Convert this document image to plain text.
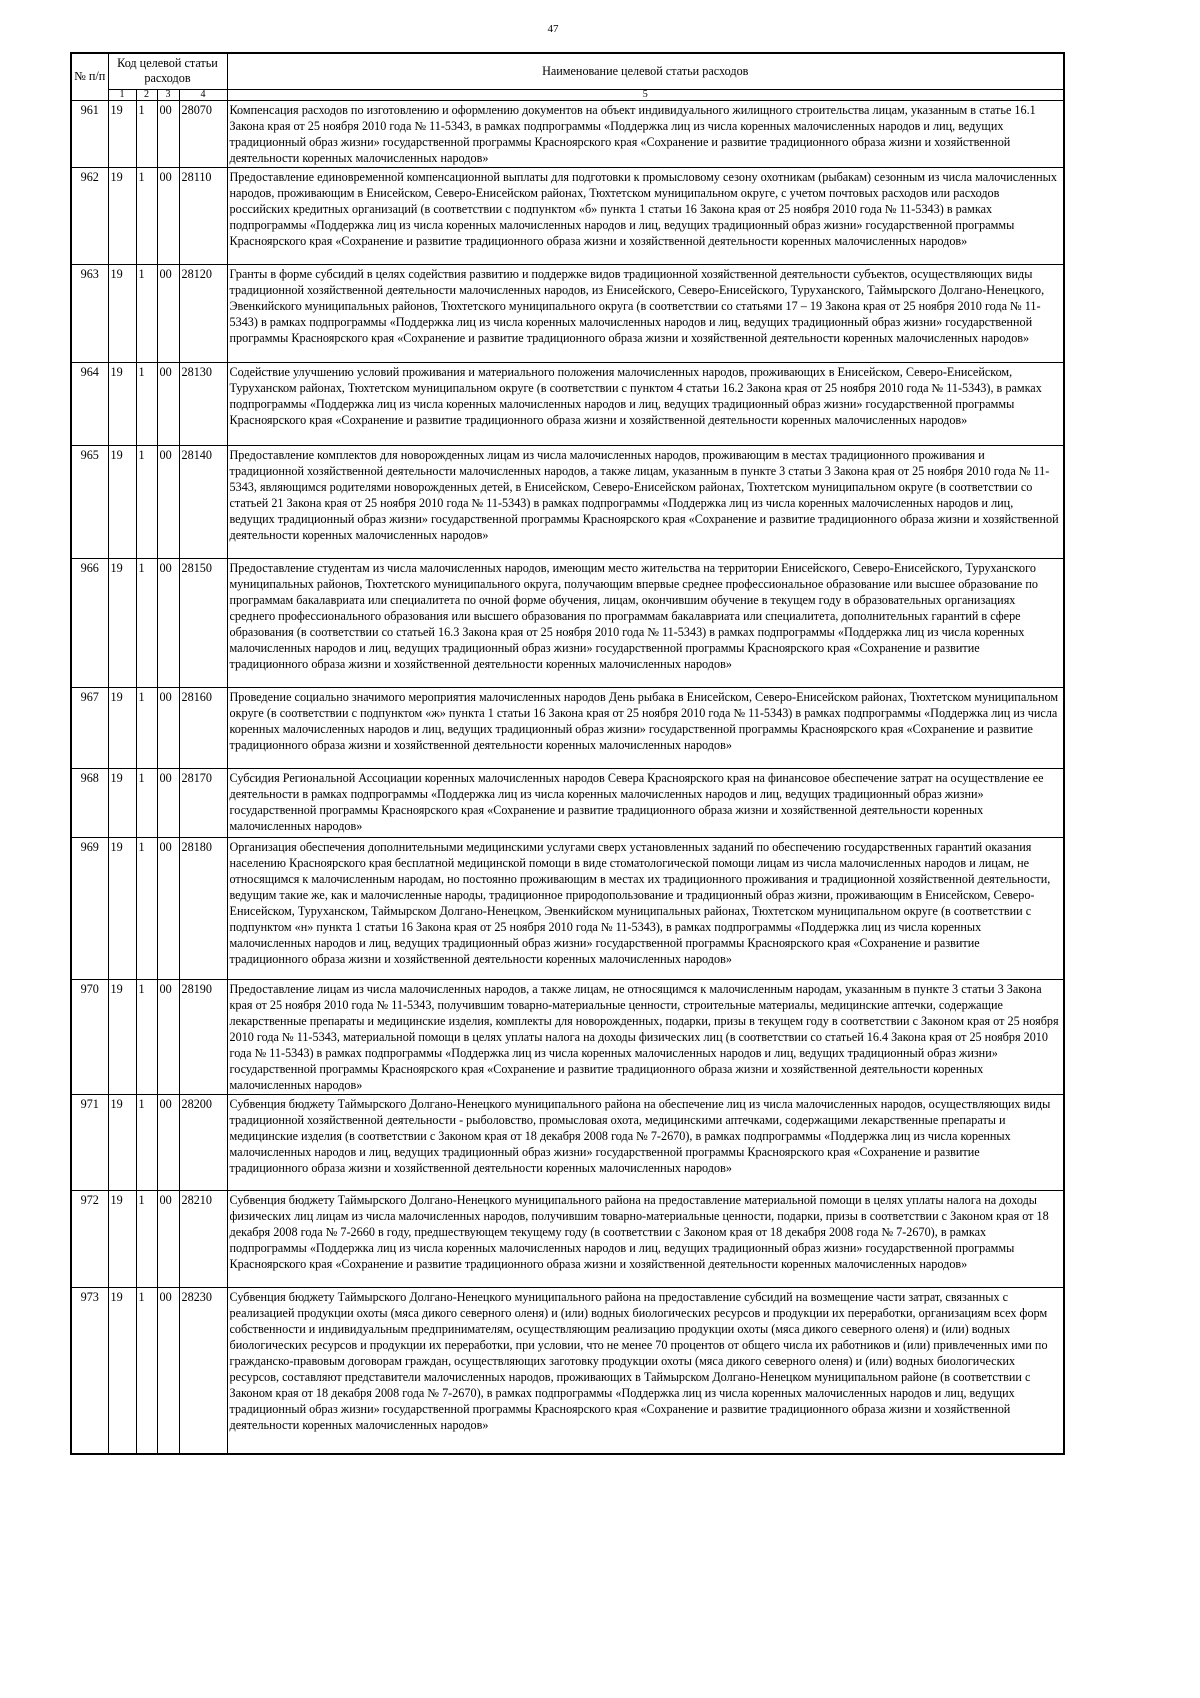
47
№ п/п	Код целевой статьи расходов				Наименование целевой статьи расходов
	1	2	3	4	5
961	19	1	00	28070	Компенсация расходов по изготовлению и оформлению документов на объект индивидуального жилищного строительства лицам, указанным в статье 16.1 Закона края от 25 ноября 2010 года № 11-5343, в рамках подпрограммы «Поддержка лиц из числа коренных малочисленных народов и лиц, ведущих традиционный образ жизни» государственной программы Красноярского края «Сохранение и развитие традиционного образа жизни и хозяйственной деятельности коренных малочисленных народов»
962	19	1	00	28110	Предоставление единовременной компенсационной выплаты для подготовки к промысловому сезону охотникам (рыбакам) сезонным из числа малочисленных народов, проживающим в Енисейском, Северо-Енисейском районах, Тюхтетском муниципальном округе, с учетом почтовых расходов или расходов российских кредитных организаций (в соответствии с подпунктом «б» пункта 1 статьи 16 Закона края от 25 ноября 2010 года № 11-5343) в рамках подпрограммы «Поддержка лиц из числа коренных малочисленных народов и лиц, ведущих традиционный образ жизни» государственной программы Красноярского края «Сохранение и развитие традиционного образа жизни и хозяйственной деятельности коренных малочисленных народов»
963	19	1	00	28120	Гранты в форме субсидий в целях содействия развитию и поддержке видов традиционной хозяйственной деятельности субъектов, осуществляющих виды традиционной хозяйственной деятельности малочисленных народов, из Енисейского, Северо-Енисейского, Туруханского, Таймырского Долгано-Ненецкого, Эвенкийского муниципальных районов, Тюхтетского муниципального округа (в соответствии со статьями 17 – 19 Закона края от 25 ноября 2010 года № 11-5343) в рамках подпрограммы «Поддержка лиц из числа коренных малочисленных народов и лиц, ведущих традиционный образ жизни» государственной программы Красноярского края «Сохранение и развитие традиционного образа жизни и хозяйственной деятельности коренных малочисленных народов»
964	19	1	00	28130	Содействие улучшению условий проживания и материального положения малочисленных народов, проживающих в Енисейском, Северо-Енисейском, Туруханском районах, Тюхтетском муниципальном округе (в соответствии с пунктом 4 статьи 16.2 Закона края от 25 ноября 2010 года № 11-5343), в рамках подпрограммы «Поддержка лиц из числа коренных малочисленных народов и лиц, ведущих традиционный образ жизни» государственной программы Красноярского края «Сохранение и развитие традиционного образа жизни и хозяйственной деятельности коренных малочисленных народов»
965	19	1	00	28140	Предоставление комплектов для новорожденных лицам из числа малочисленных народов, проживающим в местах традиционного проживания и традиционной хозяйственной деятельности малочисленных народов, а также лицам, указанным в пункте 3 статьи 3 Закона края от 25 ноября 2010 года № 11-5343, являющимся родителями новорожденных детей, в Енисейском, Северо-Енисейском районах, Тюхтетском муниципальном округе (в соответствии со статьей 21 Закона края от 25 ноября 2010 года № 11-5343) в рамках подпрограммы «Поддержка лиц из числа коренных малочисленных народов и лиц, ведущих традиционный образ жизни» государственной программы Красноярского края «Сохранение и развитие традиционного образа жизни и хозяйственной деятельности коренных малочисленных народов»
966	19	1	00	28150	Предоставление студентам из числа малочисленных народов, имеющим место жительства на территории Енисейского, Северо-Енисейского, Туруханского муниципальных районов, Тюхтетского муниципального округа, получающим впервые среднее профессиональное образование или высшее образование по программам бакалавриата или специалитета по очной форме обучения, лицам, окончившим обучение в текущем году в образовательных организациях среднего профессионального образования или высшего образования по программам бакалавриата или специалитета, дополнительных гарантий в сфере образования (в соответствии со статьей 16.3 Закона края от 25 ноября 2010 года № 11-5343) в рамках подпрограммы «Поддержка лиц из числа коренных малочисленных народов и лиц, ведущих традиционный образ жизни» государственной программы Красноярского края «Сохранение и развитие традиционного образа жизни и хозяйственной деятельности коренных малочисленных народов»
967	19	1	00	28160	Проведение социально значимого мероприятия малочисленных народов День рыбака в Енисейском, Северо-Енисейском районах, Тюхтетском муниципальном округе (в соответствии с подпунктом «ж» пункта 1 статьи 16 Закона края от 25 ноября 2010 года № 11-5343) в рамках подпрограммы «Поддержка лиц из числа коренных малочисленных народов и лиц, ведущих традиционный образ жизни» государственной программы Красноярского края «Сохранение и развитие традиционного образа жизни и хозяйственной деятельности коренных малочисленных народов»
968	19	1	00	28170	Субсидия Региональной Ассоциации коренных малочисленных народов Севера Красноярского края на финансовое обеспечение затрат на осуществление ее деятельности в рамках подпрограммы «Поддержка лиц из числа коренных малочисленных народов и лиц, ведущих традиционный образ жизни» государственной программы Красноярского края «Сохранение и развитие традиционного образа жизни и хозяйственной деятельности коренных малочисленных народов»
969	19	1	00	28180	Организация обеспечения дополнительными медицинскими услугами сверх установленных заданий по обеспечению государственных гарантий оказания населению Красноярского края бесплатной медицинской помощи в виде стоматологической помощи лицам из числа малочисленных народов и лицам, не относящимся к малочисленным народам, но постоянно проживающим в местах их традиционного проживания и традиционной хозяйственной деятельности, ведущим такие же, как и малочисленные народы, традиционное природопользование и традиционный образ жизни, проживающим в Енисейском, Северо-Енисейском, Туруханском, Таймырском Долгано-Ненецком, Эвенкийском муниципальных районах, Тюхтетском муниципальном округе (в соответствии с подпунктом «н» пункта 1 статьи 16 Закона края от 25 ноября 2010 года № 11-5343), в рамках подпрограммы «Поддержка лиц из числа коренных малочисленных народов и лиц, ведущих традиционный образ жизни» государственной программы Красноярского края «Сохранение и развитие традиционного образа жизни и хозяйственной деятельности коренных малочисленных народов»
970	19	1	00	28190	Предоставление лицам из числа малочисленных народов, а также лицам, не относящимся к малочисленным народам, указанным в пункте 3 статьи 3 Закона края от 25 ноября 2010 года № 11-5343, получившим товарно-материальные ценности, строительные материалы, медицинские аптечки, содержащие лекарственные препараты и медицинские изделия, комплекты для новорожденных, подарки, призы в текущем году в соответствии с Законом края от 25 ноября 2010 года № 11-5343, материальной помощи в целях уплаты налога на доходы физических лиц (в соответствии со статьей 16.4 Закона края от 25 ноября 2010 года № 11-5343) в рамках подпрограммы «Поддержка лиц из числа коренных малочисленных народов и лиц, ведущих традиционный образ жизни» государственной программы Красноярского края «Сохранение и развитие традиционного образа жизни и хозяйственной деятельности коренных малочисленных народов»
971	19	1	00	28200	Субвенция бюджету Таймырского Долгано-Ненецкого муниципального района на обеспечение лиц из числа малочисленных народов, осуществляющих виды традиционной хозяйственной деятельности - рыболовство, промысловая охота, медицинскими аптечками, содержащими лекарственные препараты и медицинские изделия (в соответствии с Законом края от 18 декабря 2008 года № 7-2670), в рамках подпрограммы «Поддержка лиц из числа коренных малочисленных народов и лиц, ведущих традиционный образ жизни» государственной программы Красноярского края «Сохранение и развитие традиционного образа жизни и хозяйственной деятельности коренных малочисленных народов»
972	19	1	00	28210	Субвенция бюджету Таймырского Долгано-Ненецкого муниципального района на предоставление материальной помощи в целях уплаты налога на доходы физических лиц лицам из числа малочисленных народов, получившим товарно-материальные ценности, подарки, призы в соответствии с Законом края от 18 декабря 2008 года № 7-2660 в году, предшествующем текущему году (в соответствии с Законом края от 18 декабря 2008 года № 7-2670), в рамках подпрограммы «Поддержка лиц из числа коренных малочисленных народов и лиц, ведущих традиционный образ жизни» государственной программы Красноярского края «Сохранение и развитие традиционного образа жизни и хозяйственной деятельности коренных малочисленных народов»
973	19	1	00	28230	Субвенция бюджету Таймырского Долгано-Ненецкого муниципального района на предоставление субсидий на возмещение части затрат, связанных с реализацией продукции охоты (мяса дикого северного оленя) и (или) водных биологических ресурсов и продукции их переработки, организациям всех форм собственности и индивидуальным предпринимателям, осуществляющим реализацию продукции охоты (мяса дикого северного оленя) и (или) водных биологических ресурсов и продукции их переработки, при условии, что не менее 70 процентов от общего числа их работников и (или) привлеченных ими по гражданско-правовым договорам граждан, осуществляющих заготовку продукции охоты (мяса дикого северного оленя) и (или) водных биологических ресурсов, составляют представители малочисленных народов, проживающих в Таймырском Долгано-Ненецком муниципальном районе (в соответствии с Законом края от 18 декабря 2008 года № 7-2670), в рамках подпрограммы «Поддержка лиц из числа коренных малочисленных народов и лиц, ведущих традиционный образ жизни» государственной программы Красноярского края «Сохранение и развитие традиционного образа жизни и хозяйственной деятельности коренных малочисленных народов»
